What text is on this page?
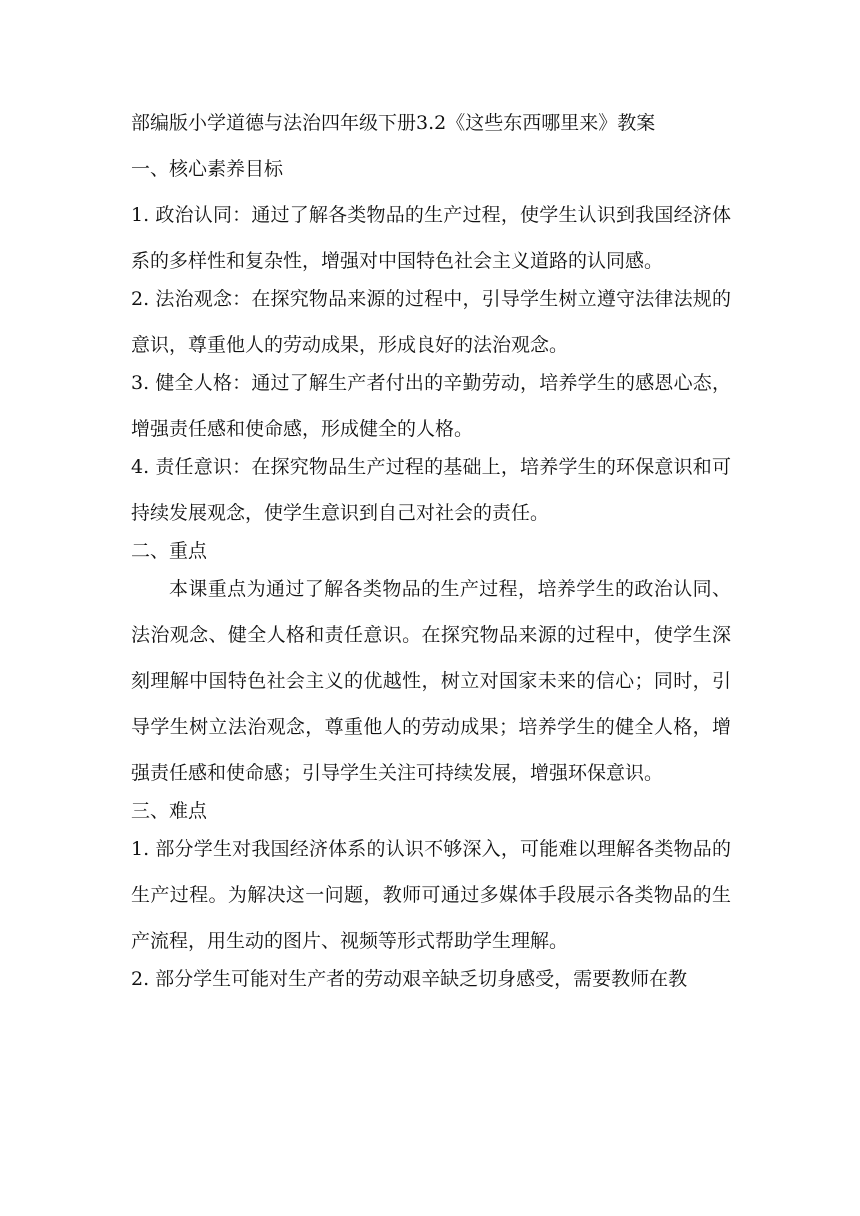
部编版小学道德与法治四年级下册3.2《这些东西哪里来》教案
一、核心素养目标
1. 政治认同：通过了解各类物品的生产过程，使学生认识到我国经济体系的多样性和复杂性，增强对中国特色社会主义道路的认同感。
2. 法治观念：在探究物品来源的过程中，引导学生树立遵守法律法规的意识，尊重他人的劳动成果，形成良好的法治观念。
3. 健全人格：通过了解生产者付出的辛勤劳动，培养学生的感恩心态，增强责任感和使命感，形成健全的人格。
4. 责任意识：在探究物品生产过程的基础上，培养学生的环保意识和可持续发展观念，使学生意识到自己对社会的责任。
二、重点
本课重点为通过了解各类物品的生产过程，培养学生的政治认同、法治观念、健全人格和责任意识。在探究物品来源的过程中，使学生深刻理解中国特色社会主义的优越性，树立对国家未来的信心；同时，引导学生树立法治观念，尊重他人的劳动成果；培养学生的健全人格，增强责任感和使命感；引导学生关注可持续发展，增强环保意识。
三、难点
1. 部分学生对我国经济体系的认识不够深入，可能难以理解各类物品的生产过程。为解决这一问题，教师可通过多媒体手段展示各类物品的生产流程，用生动的图片、视频等形式帮助学生理解。
2. 部分学生可能对生产者的劳动艰辛缺乏切身感受，需要教师在教
